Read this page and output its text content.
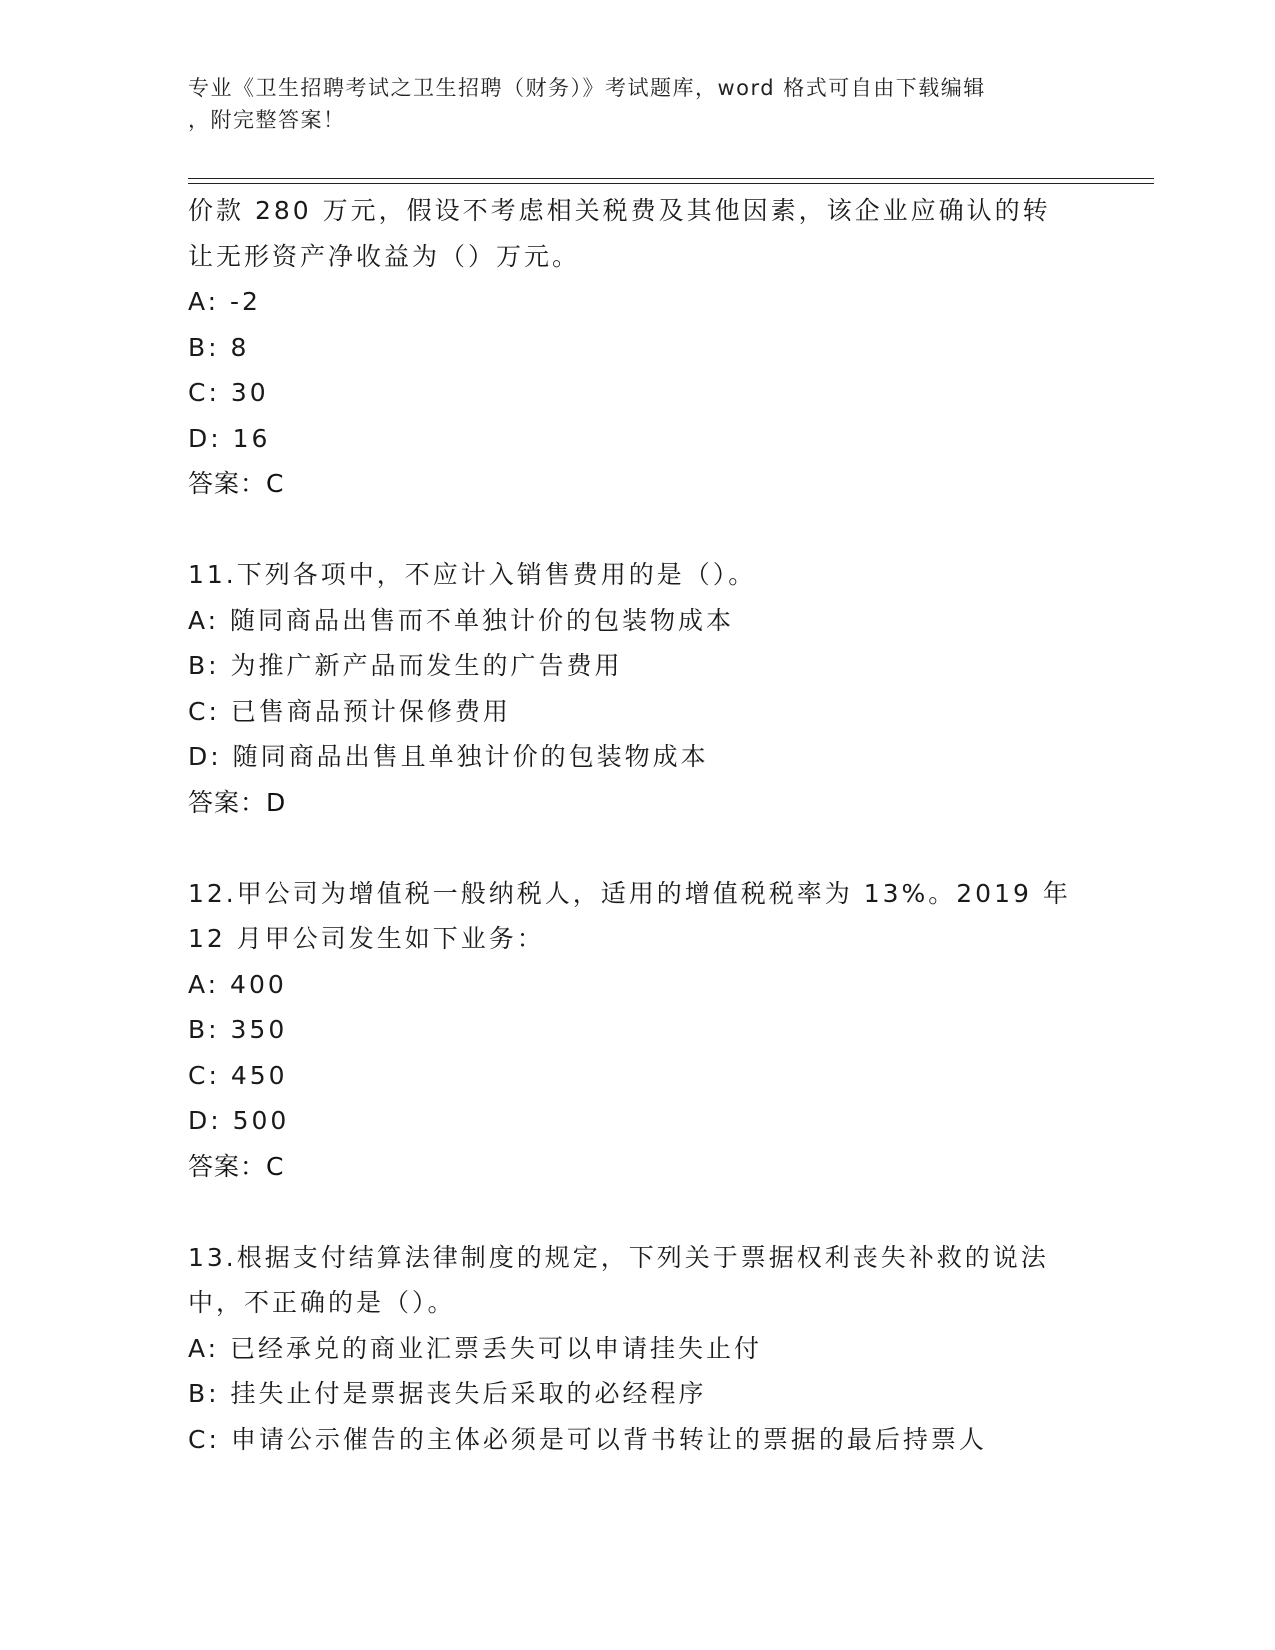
专业《卫生招聘考试之卫生招聘（财务）》考试题库，word 格式可自由下载编辑
，附完整答案！
价款 280 万元，假设不考虑相关税费及其他因素，该企业应确认的转
让无形资产净收益为（）万元。
A: -2
B: 8
C: 30
D: 16
答案：C
11.下列各项中，不应计入销售费用的是（）。
A: 随同商品出售而不单独计价的包装物成本
B: 为推广新产品而发生的广告费用
C: 已售商品预计保修费用
D: 随同商品出售且单独计价的包装物成本
答案：D
12.甲公司为增值税一般纳税人，适用的增值税税率为 13%。2019 年
12 月甲公司发生如下业务：
A: 400
B: 350
C: 450
D: 500
答案：C
13.根据支付结算法律制度的规定，下列关于票据权利丧失补救的说法
中，不正确的是（）。
A: 已经承兑的商业汇票丢失可以申请挂失止付
B: 挂失止付是票据丧失后采取的必经程序
C: 申请公示催告的主体必须是可以背书转让的票据的最后持票人
